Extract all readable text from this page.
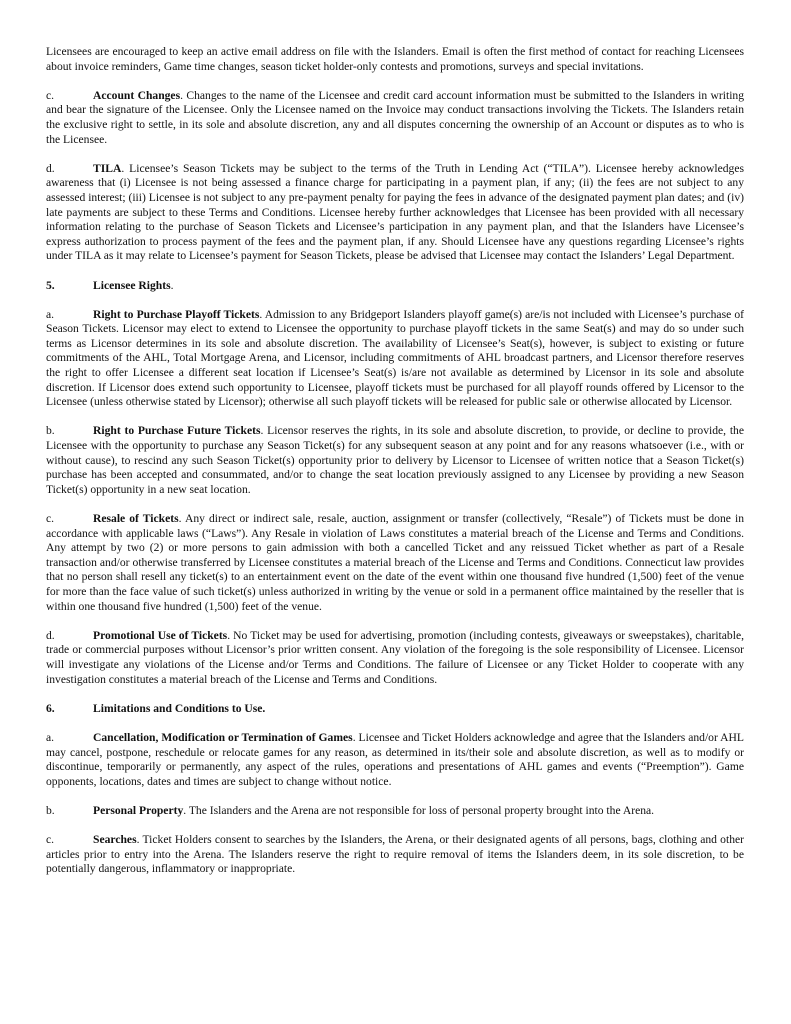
Licensees are encouraged to keep an active email address on file with the Islanders. Email is often the first method of contact for reaching Licensees about invoice reminders, Game time changes, season ticket holder-only contests and promotions, surveys and special invitations.

c.	Account Changes. Changes to the name of the Licensee and credit card account information must be submitted to the Islanders in writing and bear the signature of the Licensee. Only the Licensee named on the Invoice may conduct transactions involving the Tickets. The Islanders retain the exclusive right to settle, in its sole and absolute discretion, any and all disputes concerning the ownership of an Account or disputes as to who is the Licensee.

d.	TILA. Licensee’s Season Tickets may be subject to the terms of the Truth in Lending Act (“TILA”). Licensee hereby acknowledges awareness that (i) Licensee is not being assessed a finance charge for participating in a payment plan, if any; (ii) the fees are not subject to any assessed interest; (iii) Licensee is not subject to any pre-payment penalty for paying the fees in advance of the designated payment plan dates; and (iv) late payments are subject to these Terms and Conditions. Licensee hereby further acknowledges that Licensee has been provided with all necessary information relating to the purchase of Season Tickets and Licensee’s participation in any payment plan, and that the Islanders have Licensee’s express authorization to process payment of the fees and the payment plan, if any. Should Licensee have any questions regarding Licensee’s rights under TILA as it may relate to Licensee’s payment for Season Tickets, please be advised that Licensee may contact the Islanders’ Legal Department.

5.	Licensee Rights.

a.	Right to Purchase Playoff Tickets. Admission to any Bridgeport Islanders playoff game(s) are/is not included with Licensee’s purchase of Season Tickets. Licensor may elect to extend to Licensee the opportunity to purchase playoff tickets in the same Seat(s) and may do so under such terms as Licensor determines in its sole and absolute discretion. The availability of Licensee’s Seat(s), however, is subject to existing or future commitments of the AHL, Total Mortgage Arena, and Licensor, including commitments of AHL broadcast partners, and Licensor therefore reserves the right to offer Licensee a different seat location if Licensee’s Seat(s) is/are not available as determined by Licensor in its sole and absolute discretion. If Licensor does extend such opportunity to Licensee, playoff tickets must be purchased for all playoff rounds offered by Licensor to the Licensee (unless otherwise stated by Licensor); otherwise all such playoff tickets will be released for public sale or otherwise allocated by Licensor.

b.	Right to Purchase Future Tickets. Licensor reserves the rights, in its sole and absolute discretion, to provide, or decline to provide, the Licensee with the opportunity to purchase any Season Ticket(s) for any subsequent season at any point and for any reasons whatsoever (i.e., with or without cause), to rescind any such Season Ticket(s) opportunity prior to delivery by Licensor to Licensee of written notice that a Season Ticket(s) purchase has been accepted and consummated, and/or to change the seat location previously assigned to any Licensee by providing a new Season Ticket(s) opportunity in a new seat location.

c.	Resale of Tickets. Any direct or indirect sale, resale, auction, assignment or transfer (collectively, “Resale”) of Tickets must be done in accordance with applicable laws (“Laws”). Any Resale in violation of Laws constitutes a material breach of the License and Terms and Conditions. Any attempt by two (2) or more persons to gain admission with both a cancelled Ticket and any reissued Ticket whether as part of a Resale transaction and/or otherwise transferred by Licensee constitutes a material breach of the License and Terms and Conditions. Connecticut law provides that no person shall resell any ticket(s) to an entertainment event on the date of the event within one thousand five hundred (1,500) feet of the venue for more than the face value of such ticket(s) unless authorized in writing by the venue or sold in a permanent office maintained by the reseller that is within one thousand five hundred (1,500) feet of the venue.

d.	Promotional Use of Tickets. No Ticket may be used for advertising, promotion (including contests, giveaways or sweepstakes), charitable, trade or commercial purposes without Licensor’s prior written consent. Any violation of the foregoing is the sole responsibility of Licensee. Licensor will investigate any violations of the License and/or Terms and Conditions. The failure of Licensee or any Ticket Holder to cooperate with any investigation constitutes a material breach of the License and Terms and Conditions.

6.	Limitations and Conditions to Use.

a.	Cancellation, Modification or Termination of Games. Licensee and Ticket Holders acknowledge and agree that the Islanders and/or AHL may cancel, postpone, reschedule or relocate games for any reason, as determined in its/their sole and absolute discretion, as well as to modify or discontinue, temporarily or permanently, any aspect of the rules, operations and presentations of AHL games and events (“Preemption”). Game opponents, locations, dates and times are subject to change without notice.

b.	Personal Property. The Islanders and the Arena are not responsible for loss of personal property brought into the Arena.

c.	Searches. Ticket Holders consent to searches by the Islanders, the Arena, or their designated agents of all persons, bags, clothing and other articles prior to entry into the Arena. The Islanders reserve the right to require removal of items the Islanders deem, in its sole discretion, to be potentially dangerous, inflammatory or inappropriate.
